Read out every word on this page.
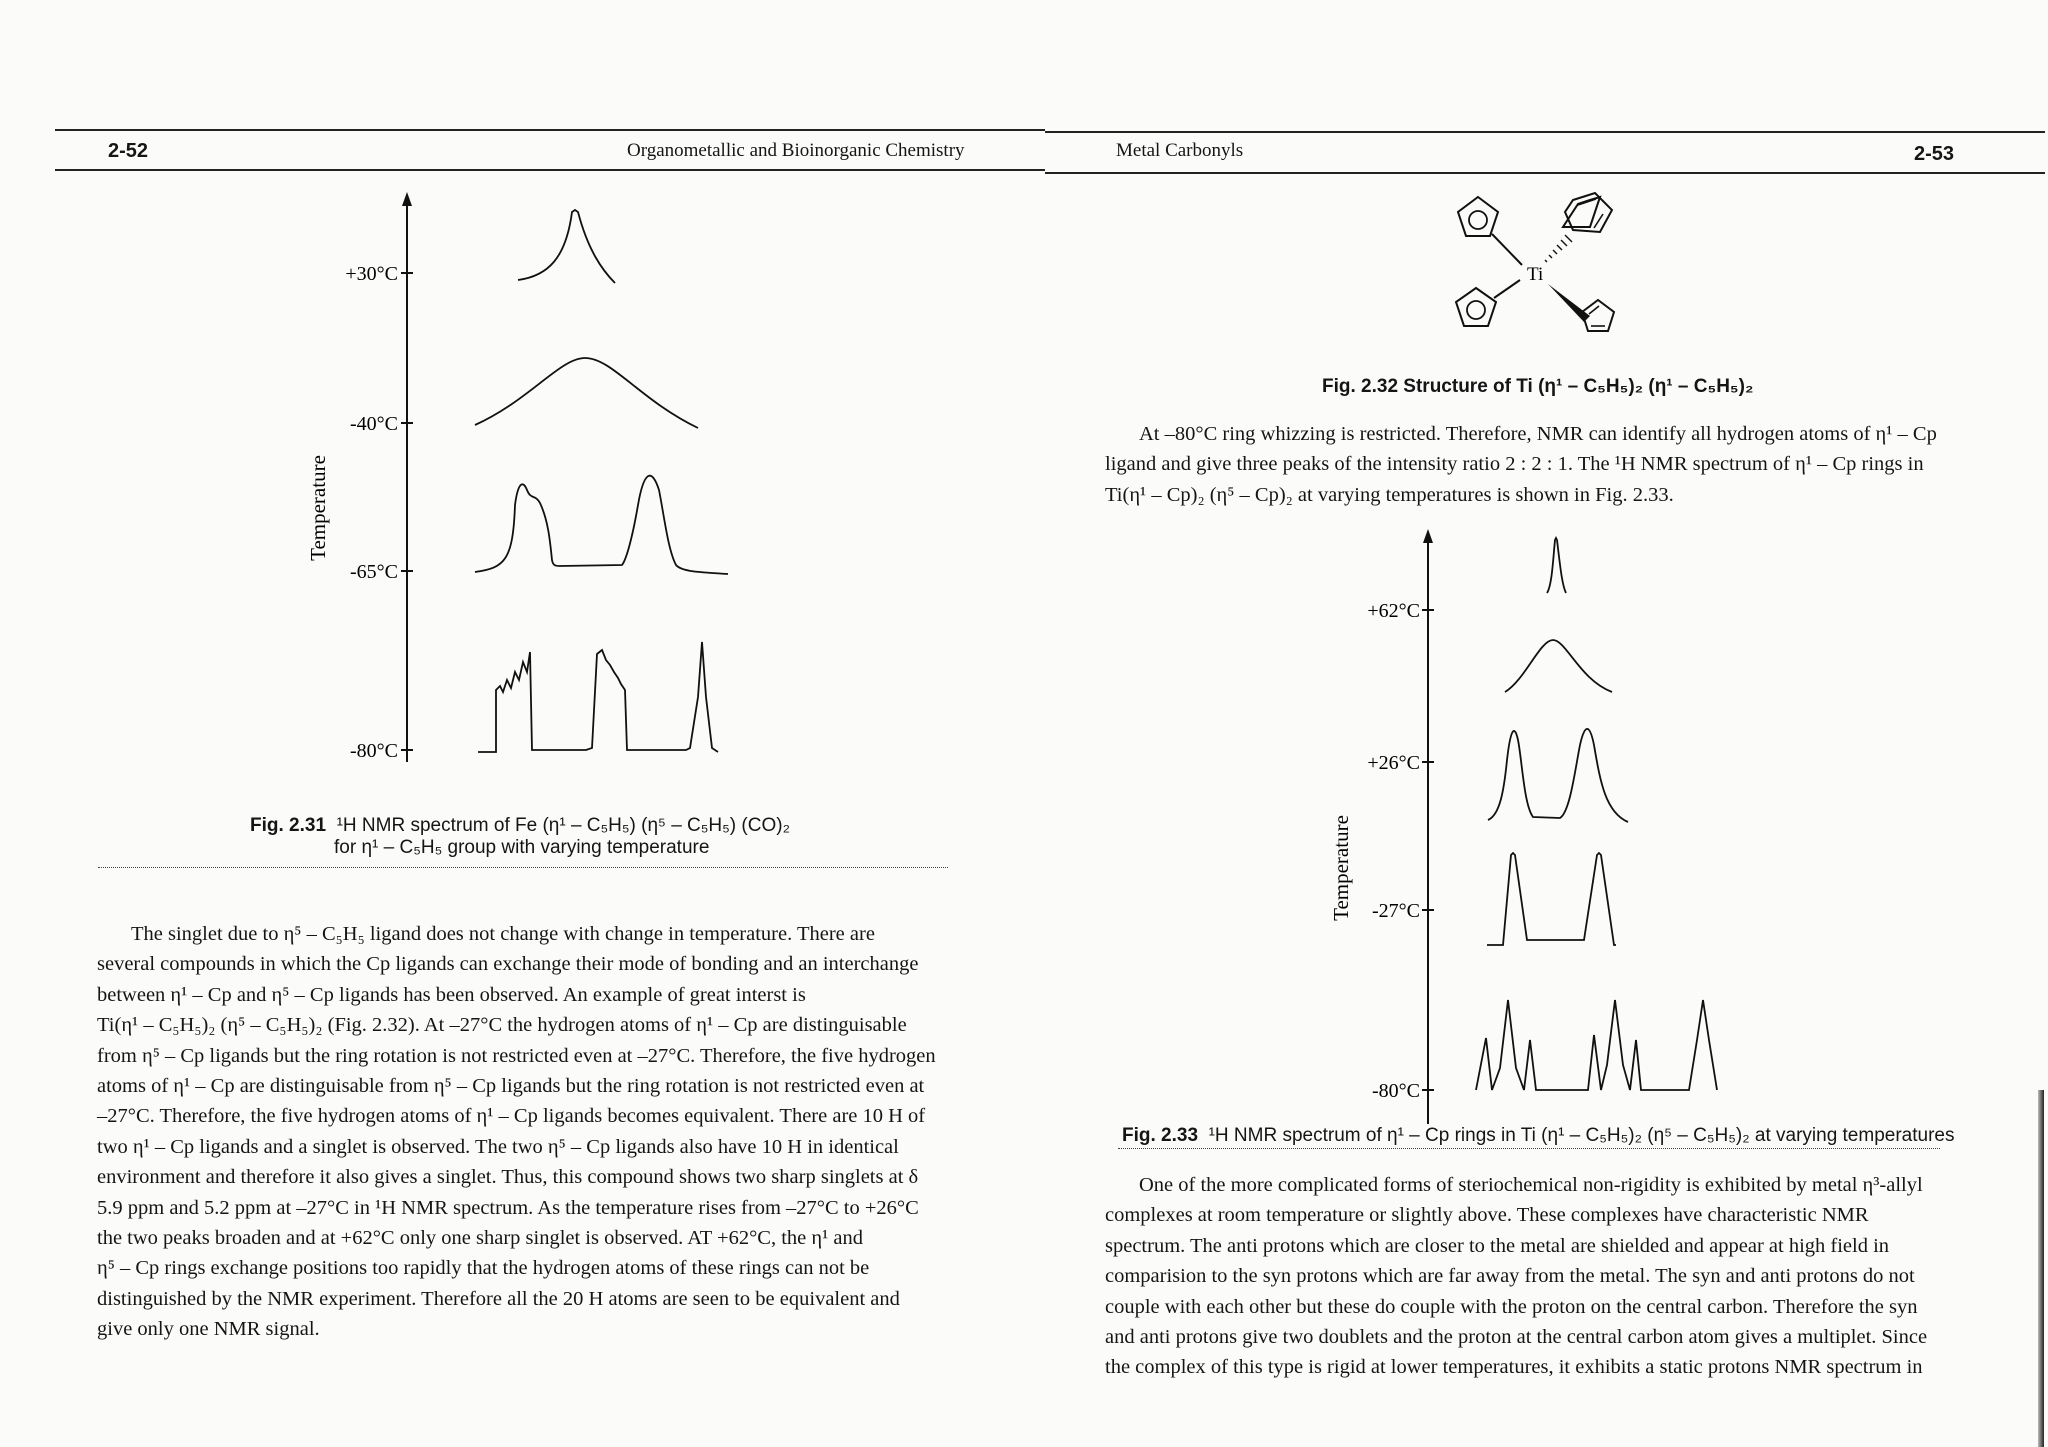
2-52	Organometallic and Bioinorganic Chemistry
+30°C
-40°C
-65°C
-80°C
Temperature
Fig. 2.31 ¹H NMR spectrum of Fe (η¹ – C₅H₅) (η⁵ – C₅H₅) (CO)₂
for η¹ – C₅H₅ group with varying temperature

The singlet due to η⁵ – C₅H₅ ligand does not change with change in temperature. There are

several compounds in which the Cp ligands can exchange their mode of bonding and an interchange

between η¹ – Cp and η⁵ – Cp ligands has been observed. An example of great interst is

Ti(η¹ – C₅H₅)₂ (η⁵ – C₅H₅)₂ (Fig. 2.32). At –27°C the hydrogen atoms of η¹ – Cp are distinguisable

from η⁵ – Cp ligands but the ring rotation is not restricted even at –27°C. Therefore, the five hydrogen

atoms of η¹ – Cp are distinguisable from η⁵ – Cp ligands but the ring rotation is not restricted even at

–27°C. Therefore, the five hydrogen atoms of η¹ – Cp ligands becomes equivalent. There are 10 H of

two η¹ – Cp ligands and a singlet is observed. The two η⁵ – Cp ligands also have 10 H in identical

environment and therefore it also gives a singlet. Thus, this compound shows two sharp singlets at δ

5.9 ppm and 5.2 ppm at –27°C in ¹H NMR spectrum. As the temperature rises from –27°C to +26°C

the two peaks broaden and at +62°C only one sharp singlet is observed. AT +62°C, the η¹ and

η⁵ – Cp rings exchange positions too rapidly that the hydrogen atoms of these rings can not be

distinguished by the NMR experiment. Therefore all the 20 H atoms are seen to be equivalent and

give only one NMR signal.

Metal Carbonyls	2-53
Ti
Fig. 2.32 Structure of Ti (η¹ – C₅H₅)₂ (η¹ – C₅H₅)₂

At –80°C ring whizzing is restricted. Therefore, NMR can identify all hydrogen atoms of η¹ – Cp

ligand and give three peaks of the intensity ratio 2 : 2 : 1. The ¹H NMR spectrum of η¹ – Cp rings in

Ti(η¹ – Cp)₂ (η⁵ – Cp)₂ at varying temperatures is shown in Fig. 2.33.

+62°C
+26°C
-27°C
-80°C
Temperature
Fig. 2.33 ¹H NMR spectrum of η¹ – Cp rings in Ti (η¹ – C₅H₅)₂ (η⁵ – C₅H₅)₂ at varying temperatures

One of the more complicated forms of steriochemical non-rigidity is exhibited by metal η³-allyl

complexes at room temperature or slightly above. These complexes have characteristic NMR

spectrum. The anti protons which are closer to the metal are shielded and appear at high field in

comparision to the syn protons which are far away from the metal. The syn and anti protons do not

couple with each other but these do couple with the proton on the central carbon. Therefore the syn

and anti protons give two doublets and the proton at the central carbon atom gives a multiplet. Since

the complex of this type is rigid at lower temperatures, it exhibits a static protons NMR spectrum in
